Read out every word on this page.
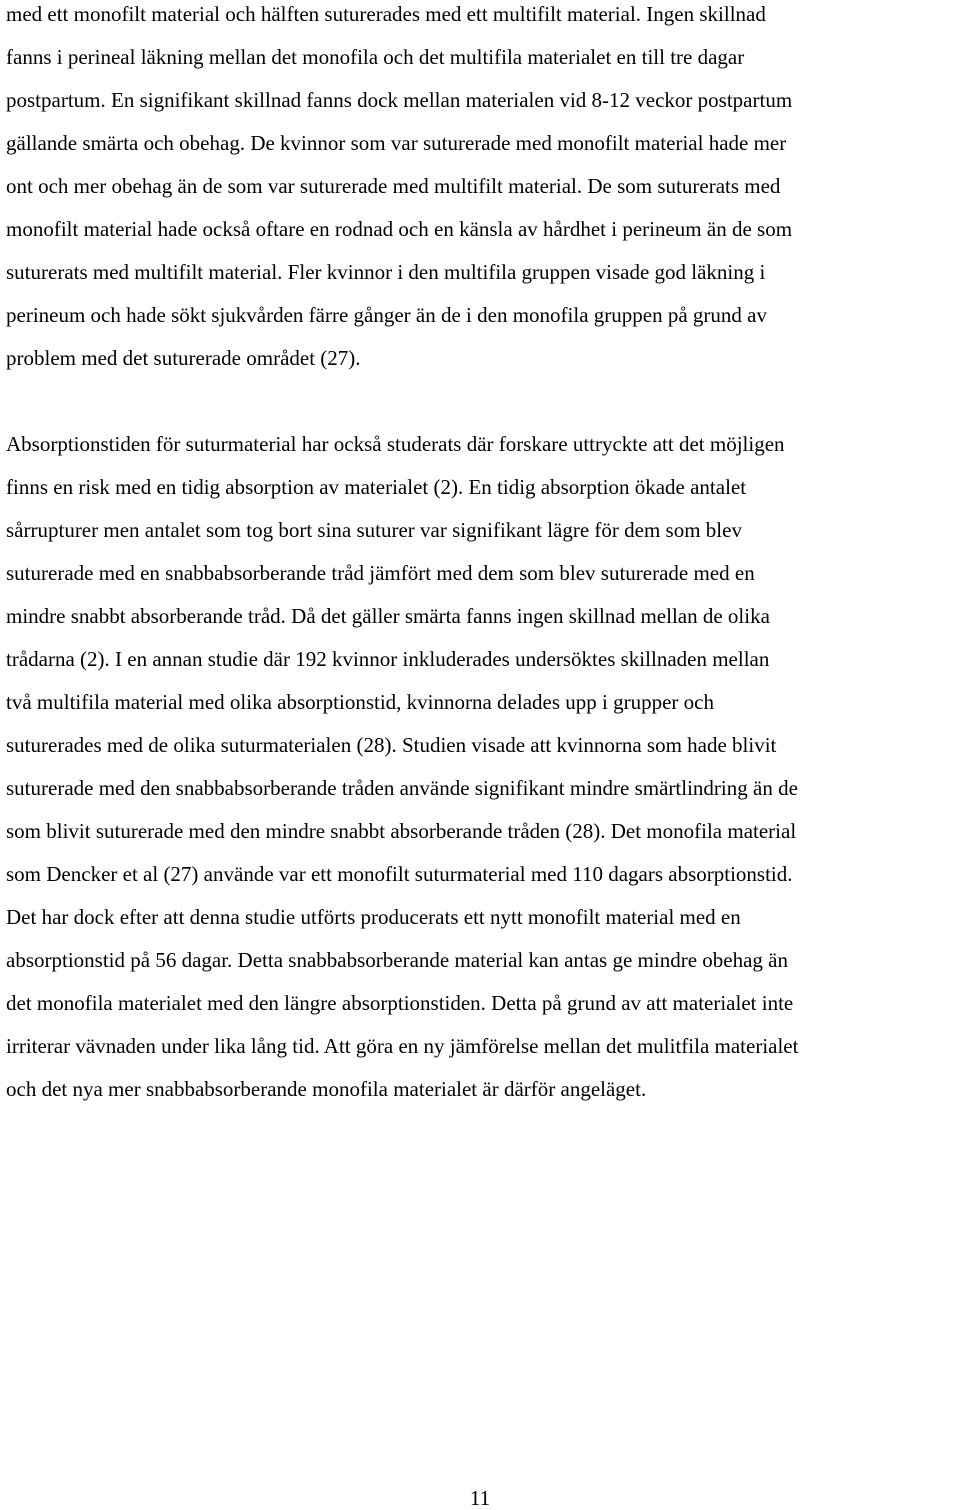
med ett monofilt material och hälften suturerades med ett multifilt material. Ingen skillnad
fanns i perineal läkning mellan det monofila och det multifila materialet en till tre dagar
postpartum. En signifikant skillnad fanns dock mellan materialen vid 8-12 veckor postpartum
gällande smärta och obehag. De kvinnor som var suturerade med monofilt material hade mer
ont och mer obehag än de som var suturerade med multifilt material. De som suturerats med
monofilt material hade också oftare en rodnad och en känsla av hårdhet i perineum än de som
suturerats med multifilt material. Fler kvinnor i den multifila gruppen visade god läkning i
perineum och hade sökt sjukvården färre gånger än de i den monofila gruppen på grund av
problem med det suturerade området (27).
Absorptionstiden för suturmaterial har också studerats där forskare uttryckte att det möjligen
finns en risk med en tidig absorption av materialet (2). En tidig absorption ökade antalet
sårrupturer men antalet som tog bort sina suturer var signifikant lägre för dem som blev
suturerade med en snabbabsorberande tråd jämfört med dem som blev suturerade med en
mindre snabbt absorberande tråd. Då det gäller smärta fanns ingen skillnad mellan de olika
trådarna (2). I en annan studie där 192 kvinnor inkluderades undersöktes skillnaden mellan
två multifila material med olika absorptionstid, kvinnorna delades upp i grupper och
suturerades med de olika suturmaterialen (28). Studien visade att kvinnorna som hade blivit
suturerade med den snabbabsorberande tråden använde signifikant mindre smärtlindring än de
som blivit suturerade med den mindre snabbt absorberande tråden (28). Det monofila material
som Dencker et al (27) använde var ett monofilt suturmaterial med 110 dagars absorptionstid.
Det har dock efter att denna studie utförts producerats ett nytt monofilt material med en
absorptionstid på 56 dagar. Detta snabbabsorberande material kan antas ge mindre obehag än
det monofila materialet med den längre absorptionstiden. Detta på grund av att materialet inte
irriterar vävnaden under lika lång tid. Att göra en ny jämförelse mellan det mulitfila materialet
och det nya mer snabbabsorberande monofila materialet är därför angeläget.
11
